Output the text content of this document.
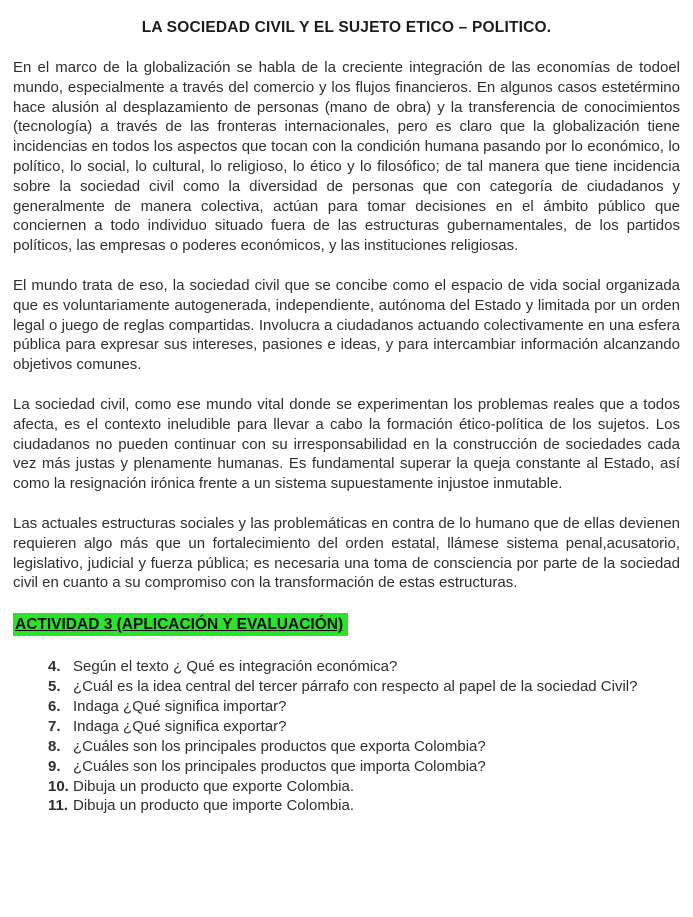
LA SOCIEDAD CIVIL Y EL SUJETO ETICO – POLITICO.

En el marco de la globalización se habla de la creciente integración de las economías de todoel mundo, especialmente a través del comercio y los flujos financieros. En algunos casos estetérmino hace alusión al desplazamiento de personas (mano de obra) y la transferencia de conocimientos (tecnología) a través de las fronteras internacionales, pero es claro que la globalización tiene incidencias en todos los aspectos que tocan con la condición humana pasando por lo económico, lo político, lo social, lo cultural, lo religioso, lo ético y lo filosófico; de tal manera que tiene incidencia sobre la sociedad civil como la diversidad de personas que con categoría de ciudadanos y generalmente de manera colectiva, actúan para tomar decisiones en el ámbito público que conciernen a todo individuo situado fuera de las estructuras gubernamentales, de los partidos políticos, las empresas o poderes económicos, y las instituciones religiosas.

El mundo trata de eso, la sociedad civil que se concibe como el espacio de vida social organizada que es voluntariamente autogenerada, independiente, autónoma del Estado y limitada por un orden legal o juego de reglas compartidas. Involucra a ciudadanos actuando colectivamente en una esfera pública para expresar sus intereses, pasiones e ideas, y para intercambiar información alcanzando objetivos comunes.

La sociedad civil, como ese mundo vital donde se experimentan los problemas reales que a todos afecta, es el contexto ineludible para llevar a cabo la formación ético-política de los sujetos. Los ciudadanos no pueden continuar con su irresponsabilidad en la construcción de sociedades cada vez más justas y plenamente humanas. Es fundamental superar la queja constante al Estado, así como la resignación irónica frente a un sistema supuestamente injustoe inmutable.

Las actuales estructuras sociales y las problemáticas en contra de lo humano que de ellas devienen requieren algo más que un fortalecimiento del orden estatal, llámese sistema penal,acusatorio, legislativo, judicial y fuerza pública; es necesaria una toma de consciencia por parte de la sociedad civil en cuanto a su compromiso con la transformación de estas estructuras.

ACTIVIDAD 3 (APLICACIÓN Y EVALUACIÓN)
4. Según el texto ¿ Qué es integración económica?
5. ¿Cuál es la idea central del tercer párrafo con respecto al papel de la sociedad Civil?
6. Indaga ¿Qué significa importar?
7. Indaga ¿Qué significa exportar?
8. ¿Cuáles son los principales productos que exporta Colombia?
9. ¿Cuáles son los principales productos que importa Colombia?
10. Dibuja un producto que exporte Colombia.
11. Dibuja un producto que importe Colombia.
